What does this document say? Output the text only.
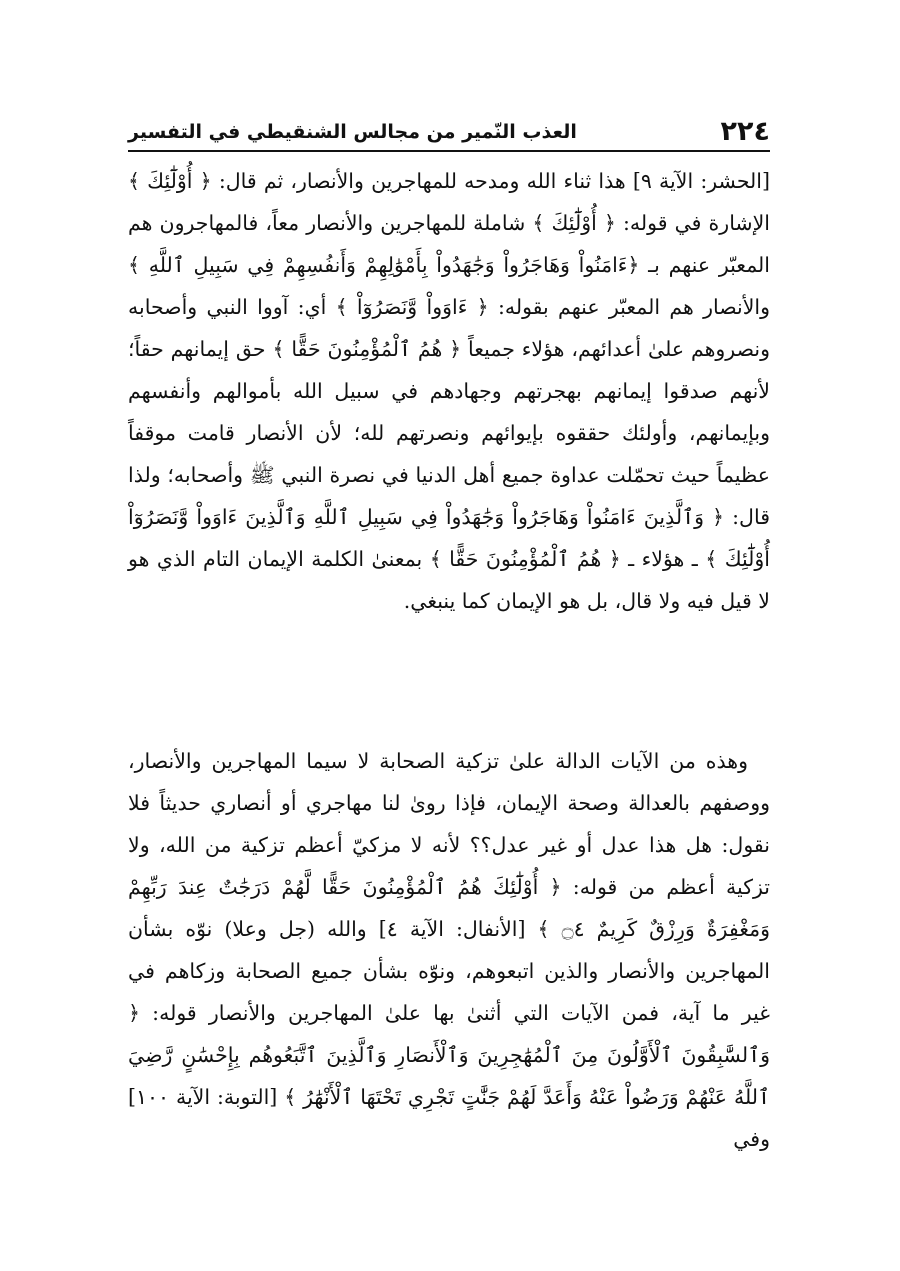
٢٢٤
العذب النّمير من مجالس الشنقيطي في التفسير

[الحشر: الآية ٩] هذا ثناء الله ومدحه للمهاجرين والأنصار، ثم قال: ﴿ أُوْلَٰٓئِكَ ﴾ الإشارة في قوله: ﴿ أُوْلَٰٓئِكَ ﴾ شاملة للمهاجرين والأنصار معاً، فالمهاجرون هم المعبّر عنهم بـ ﴿ءَامَنُواْ وَهَاجَرُواْ وَجَٰهَدُواْ بِأَمْوَٰلِهِمْ وَأَنفُسِهِمْ فِي سَبِيلِ ٱللَّهِ ﴾ والأنصار هم المعبّر عنهم بقوله: ﴿ ءَاوَواْ وَّنَصَرُوٓاْ ﴾ أي: آووا النبي وأصحابه ونصروهم علىٰ أعدائهم، هؤلاء جميعاً ﴿ هُمُ ٱلْمُؤْمِنُونَ حَقًّا ﴾ حق إيمانهم حقاً؛ لأنهم صدقوا إيمانهم بهجرتهم وجهادهم في سبيل الله بأموالهم وأنفسهم وبإيمانهم، وأولئك حققوه بإيوائهم ونصرتهم لله؛ لأن الأنصار قامت موقفاً عظيماً حيث تحمّلت عداوة جميع أهل الدنيا في نصرة النبي ﷺ وأصحابه؛ ولذا قال: ﴿ وَٱلَّذِينَ ءَامَنُواْ وَهَاجَرُواْ وَجَٰهَدُواْ فِي سَبِيلِ ٱللَّهِ وَٱلَّذِينَ ءَاوَواْ وَّنَصَرُوٓاْ أُوْلَٰٓئِكَ ﴾ ـ هؤلاء ـ ﴿ هُمُ ٱلْمُؤْمِنُونَ حَقًّا ﴾ بمعنىٰ الكلمة الإيمان التام الذي هو لا قيل فيه ولا قال، بل هو الإيمان كما ينبغي.

وهذه من الآيات الدالة علىٰ تزكية الصحابة لا سيما المهاجرين والأنصار، ووصفهم بالعدالة وصحة الإيمان، فإذا روىٰ لنا مهاجري أو أنصاري حديثاً فلا نقول: هل هذا عدل أو غير عدل؟؟ لأنه لا مزكيّ أعظم تزكية من الله، ولا تزكية أعظم من قوله: ﴿ أُوْلَٰٓئِكَ هُمُ ٱلْمُؤْمِنُونَ حَقًّا لَّهُمْ دَرَجَٰتٌ عِندَ رَبِّهِمْ وَمَغْفِرَةٌ وَرِزْقٌ كَرِيمٌ ۝٤ ﴾ [الأنفال: الآية ٤] والله (جل وعلا) نوّه بشأن المهاجرين والأنصار والذين اتبعوهم، ونوّه بشأن جميع الصحابة وزكاهم في غير ما آية، فمن الآيات التي أثنىٰ بها علىٰ المهاجرين والأنصار قوله: ﴿ وَٱلسَّٰبِقُونَ ٱلْأَوَّلُونَ مِنَ ٱلْمُهَٰجِرِينَ وَٱلْأَنصَارِ وَٱلَّذِينَ ٱتَّبَعُوهُم بِإِحْسَٰنٍ رَّضِيَ ٱللَّهُ عَنْهُمْ وَرَضُواْ عَنْهُ وَأَعَدَّ لَهُمْ جَنَّٰتٍ تَجْرِي تَحْتَهَا ٱلْأَنْهَٰرُ ﴾ [التوبة: الآية ١٠٠] وفي
